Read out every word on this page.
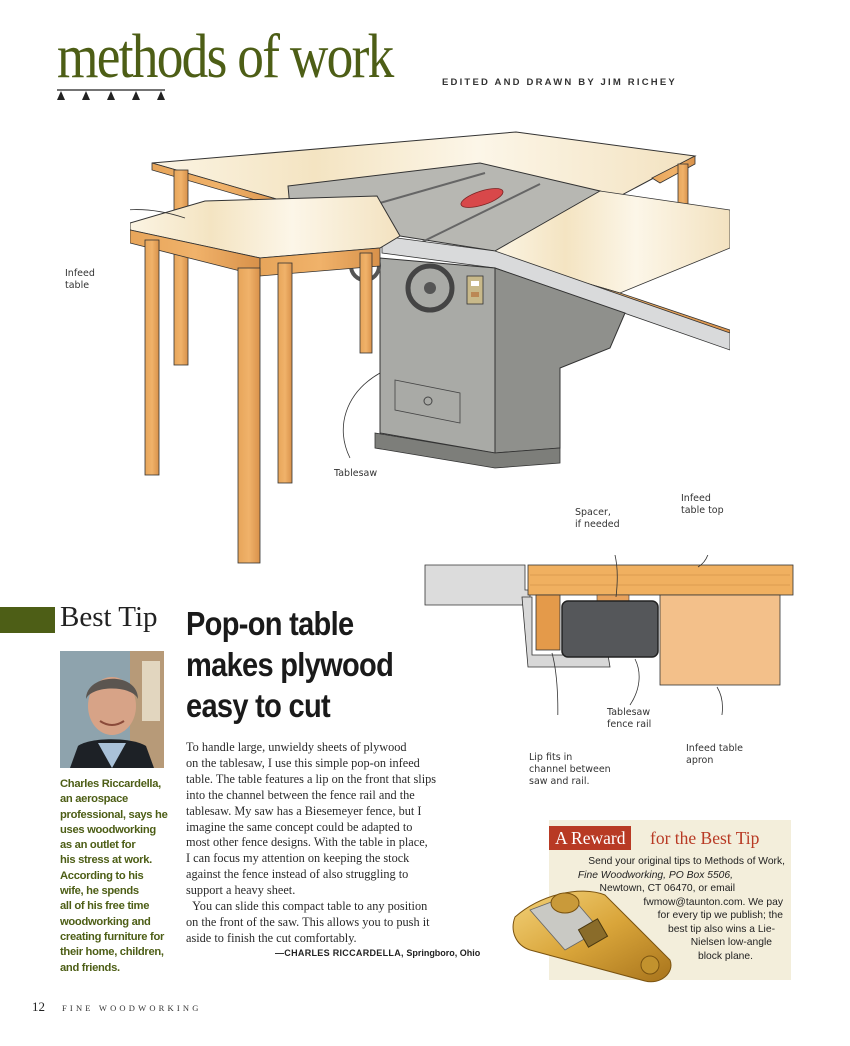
methods of work	EDITED AND DRAWN BY JIM RICHEY
Infeed
table
Tablesaw
Spacer,
if needed
Infeed
table top
Tablesaw
fence rail
Lip fits in
channel between
saw and rail.
Infeed table
apron
Best Tip Pop-on table
makes plywood
easy to cut
Charles Riccardella,
an aerospace
professional, says he
uses woodworking
as an outlet for
his stress at work.
According to his
wife, he spends
all of his free time
woodworking and
creating furniture for
their home, children,
and friends.
To handle large, unwieldy sheets of plywood
on the tablesaw, I use this simple pop-on infeed
table. The table features a lip on the front that slips
into the channel between the fence rail and the
tablesaw. My saw has a Biesemeyer fence, but I
imagine the same concept could be adapted to
most other fence designs. With the table in place,
I can focus my attention on keeping the stock
against the fence instead of also struggling to
support a heavy sheet.
You can slide this compact table to any position
on the front of the saw. This allows you to push it
aside to finish the cut comfortably.
—CHARLES RICCARDELLA, Springboro, Ohio
A Reward	for the Best Tip
Send your original tips to Methods of Work,
Fine Woodworking, PO Box 5506,
Newtown, CT 06470, or email
fwmow@taunton.com. We pay
for every tip we publish; the
best tip also wins a Lie-
Nielsen low-angle
block plane.
12 FINE WOODWORKING
